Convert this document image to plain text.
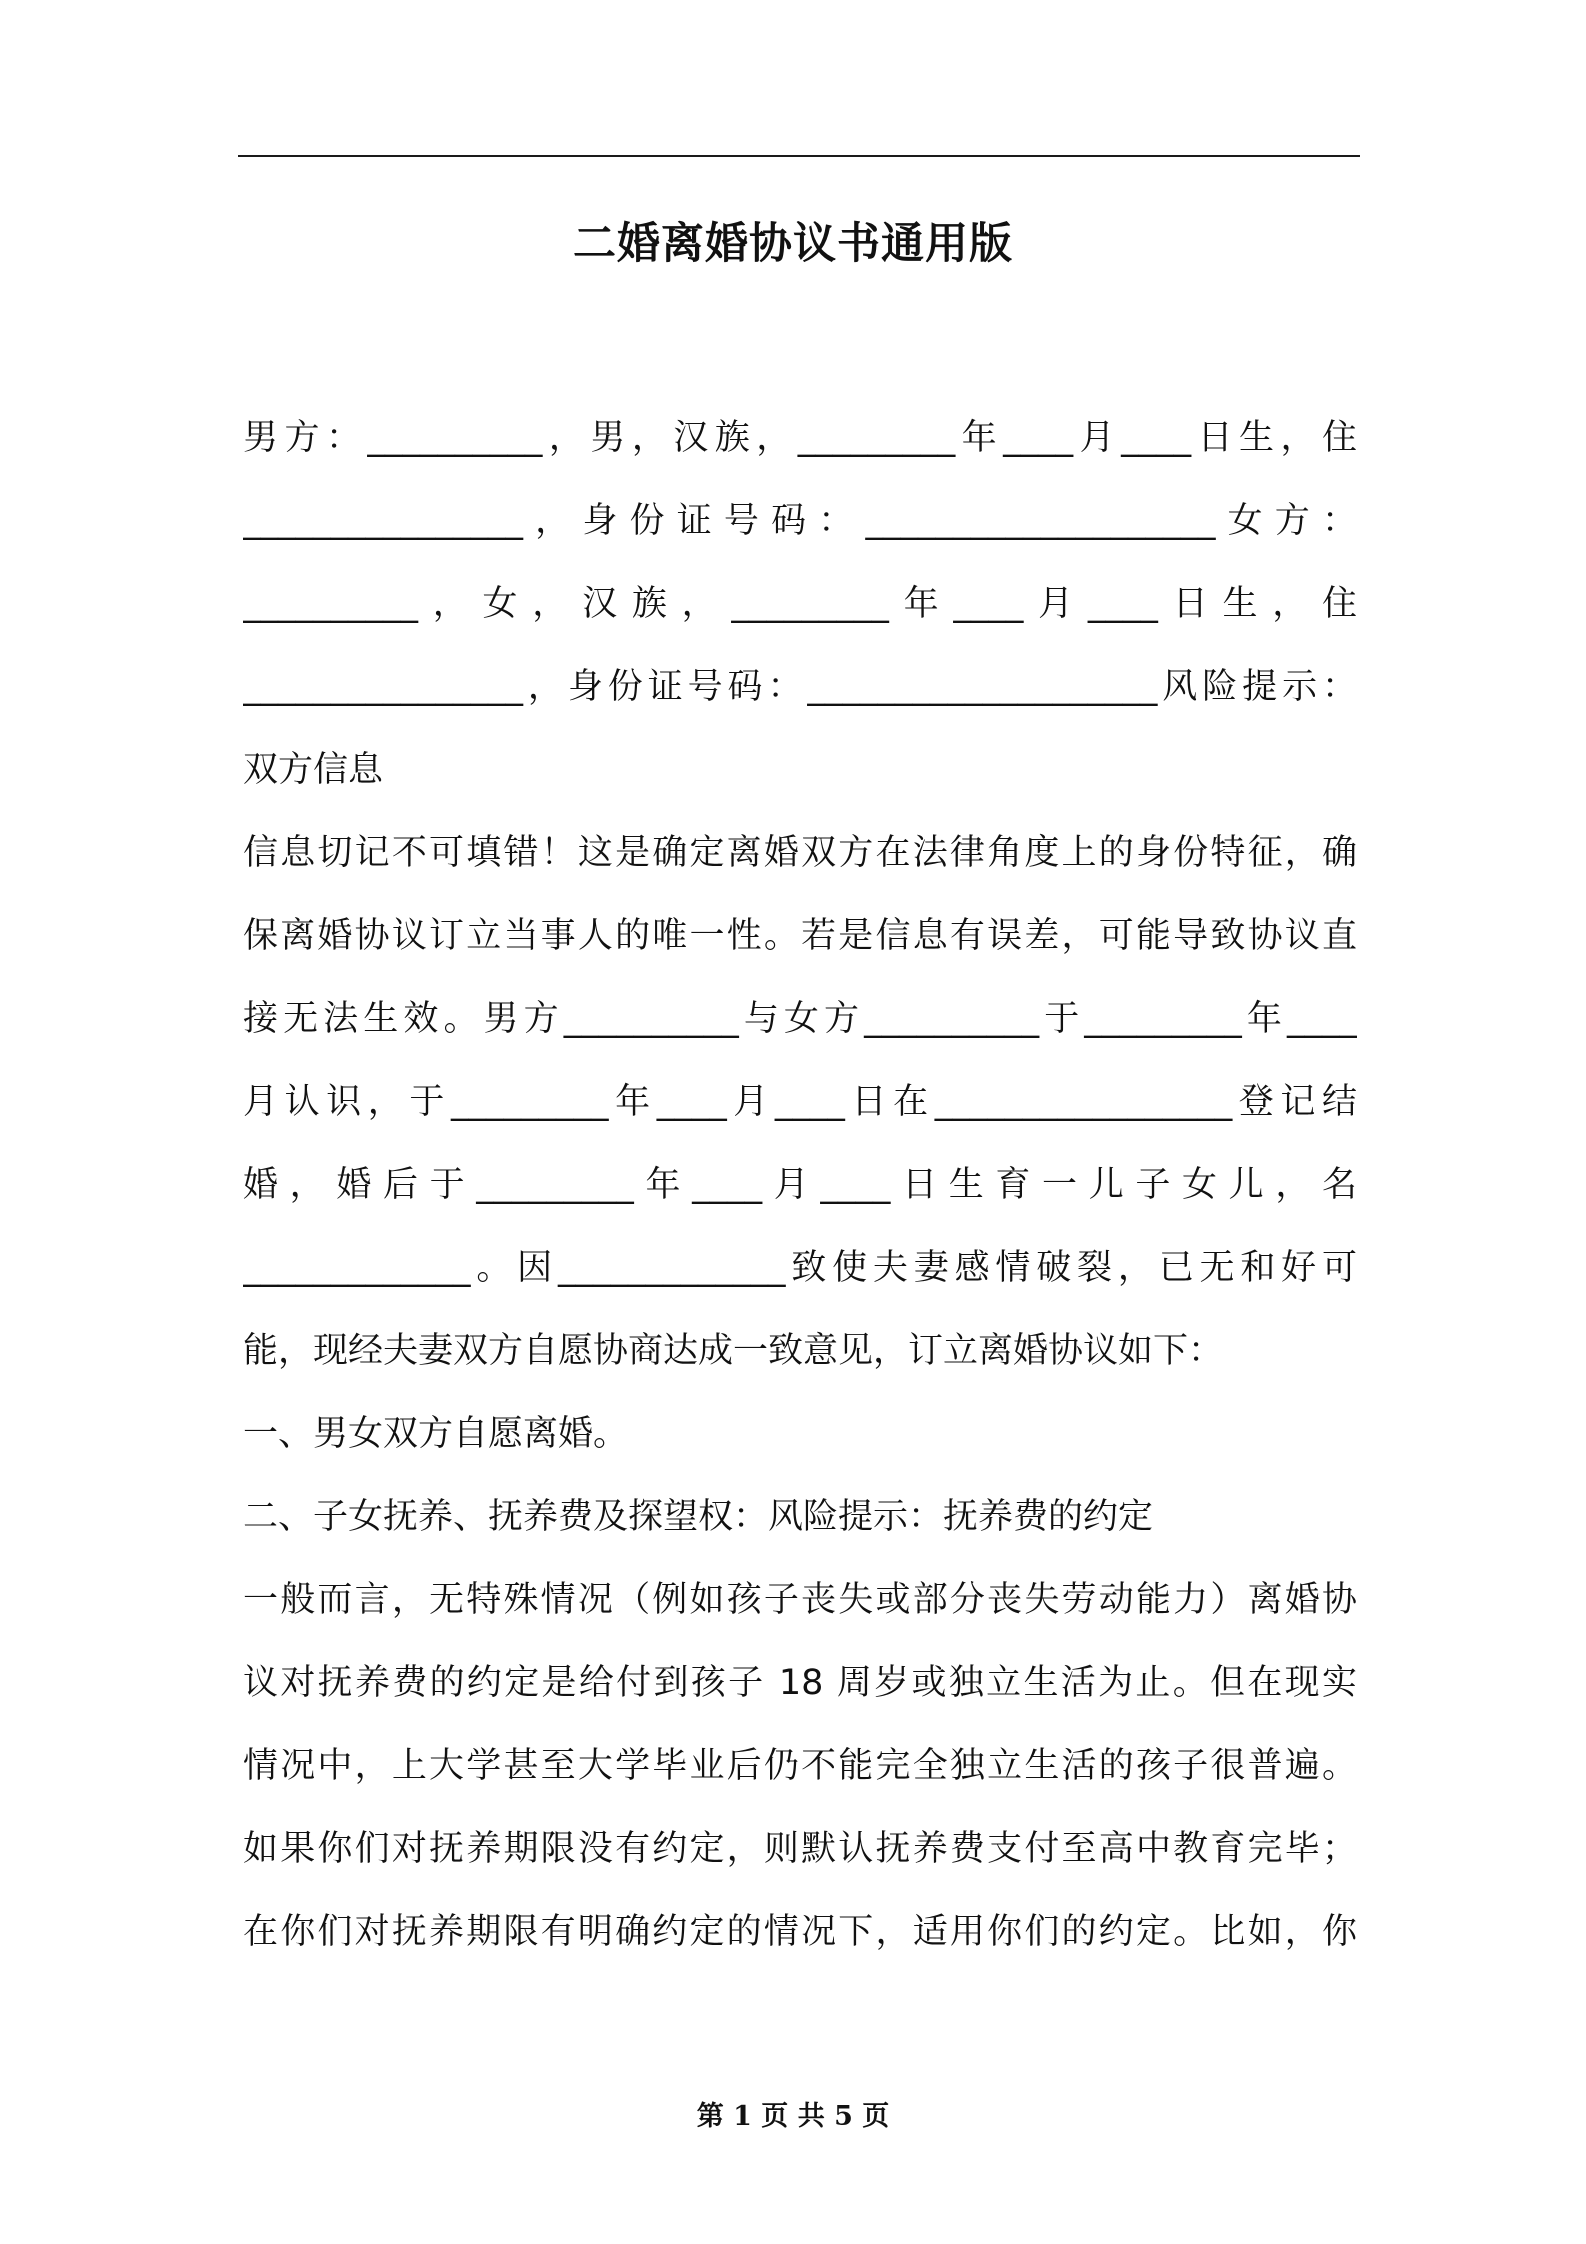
二婚离婚协议书通用版
男方：__________，男，汉族，_________年____月____日生，住
________________，身份证号码：____________________女方：
__________，女，汉族，_________年____月____日生，住
________________，身份证号码：____________________风险提示：
双方信息
信息切记不可填错！这是确定离婚双方在法律角度上的身份特征，确
保离婚协议订立当事人的唯一性。若是信息有误差，可能导致协议直
接无法生效。男方__________与女方__________于_________年____
月认识，于_________年____月____日在_________________登记结
婚，婚后于_________年____月____日生育一儿子女儿，名
_____________。因_____________致使夫妻感情破裂，已无和好可
能，现经夫妻双方自愿协商达成一致意见，订立离婚协议如下：
一、男女双方自愿离婚。
二、子女抚养、抚养费及探望权：风险提示：抚养费的约定
一般而言，无特殊情况（例如孩子丧失或部分丧失劳动能力）离婚协
议对抚养费的约定是给付到孩子 18 周岁或独立生活为止。但在现实
情况中，上大学甚至大学毕业后仍不能完全独立生活的孩子很普遍。
如果你们对抚养期限没有约定，则默认抚养费支付至高中教育完毕；
在你们对抚养期限有明确约定的情况下，适用你们的约定。比如，你
第 1 页 共 5 页
